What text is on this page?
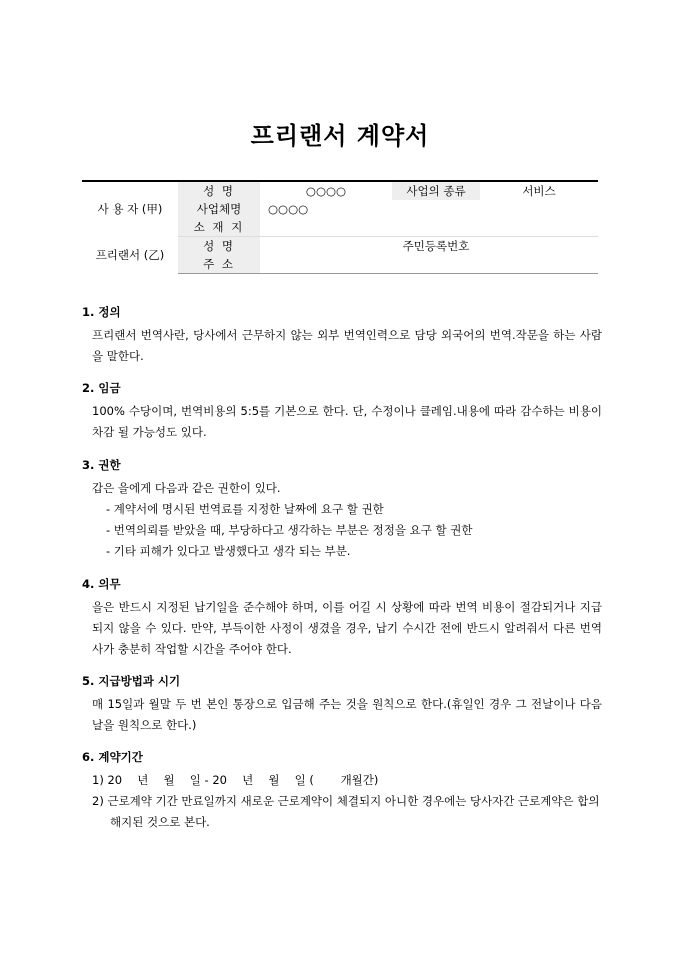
프리랜서 계약서
사 용 자 (甲)	성 명	○○○○	사업의 종류	서비스
	사업체명	○○○○		
	소 재 지			
프리랜서 (乙)	성 명		주민등록번호	
	주 소			

1. 정의

프리랜서 번역사란, 당사에서 근무하지 않는 외부 번역인력으로 담당 외국어의 번역.작문을 하는 사람을 말한다.

2. 임금

100% 수당이며, 번역비용의 5:5를 기본으로 한다. 단, 수정이나 클레임.내용에 따라 감수하는 비용이 차감 될 가능성도 있다.

3. 권한

갑은 을에게 다음과 같은 권한이 있다.

- 계약서에 명시된 번역료를 지정한 날짜에 요구 할 권한
- 번역의뢰를 받았을 때, 부당하다고 생각하는 부분은 정정을 요구 할 권한
- 기타 피해가 있다고 발생했다고 생각 되는 부분.

4. 의무

을은 반드시 지정된 납기일을 준수해야 하며, 이를 어길 시 상황에 따라 번역 비용이 절감되거나 지급되지 않을 수 있다. 만약, 부득이한 사정이 생겼을 경우, 납기 수시간 전에 반드시 알려줘서 다른 번역사가 충분히 작업할 시간을 주어야 한다.

5. 지급방법과 시기

매 15일과 월말 두 번 본인 통장으로 입금해 주는 것을 원칙으로 한다.(휴일인 경우 그 전날이나 다음날을 원칙으로 한다.)

6. 계약기간

1) 20　 년　 월　 일 - 20　 년　 월　 일 (　　 개월간)
2) 근로계약 기간 만료일까지 새로운 근로계약이 체결되지 아니한 경우에는 당사자간 근로계약은 합의 해지된 것으로 본다.
